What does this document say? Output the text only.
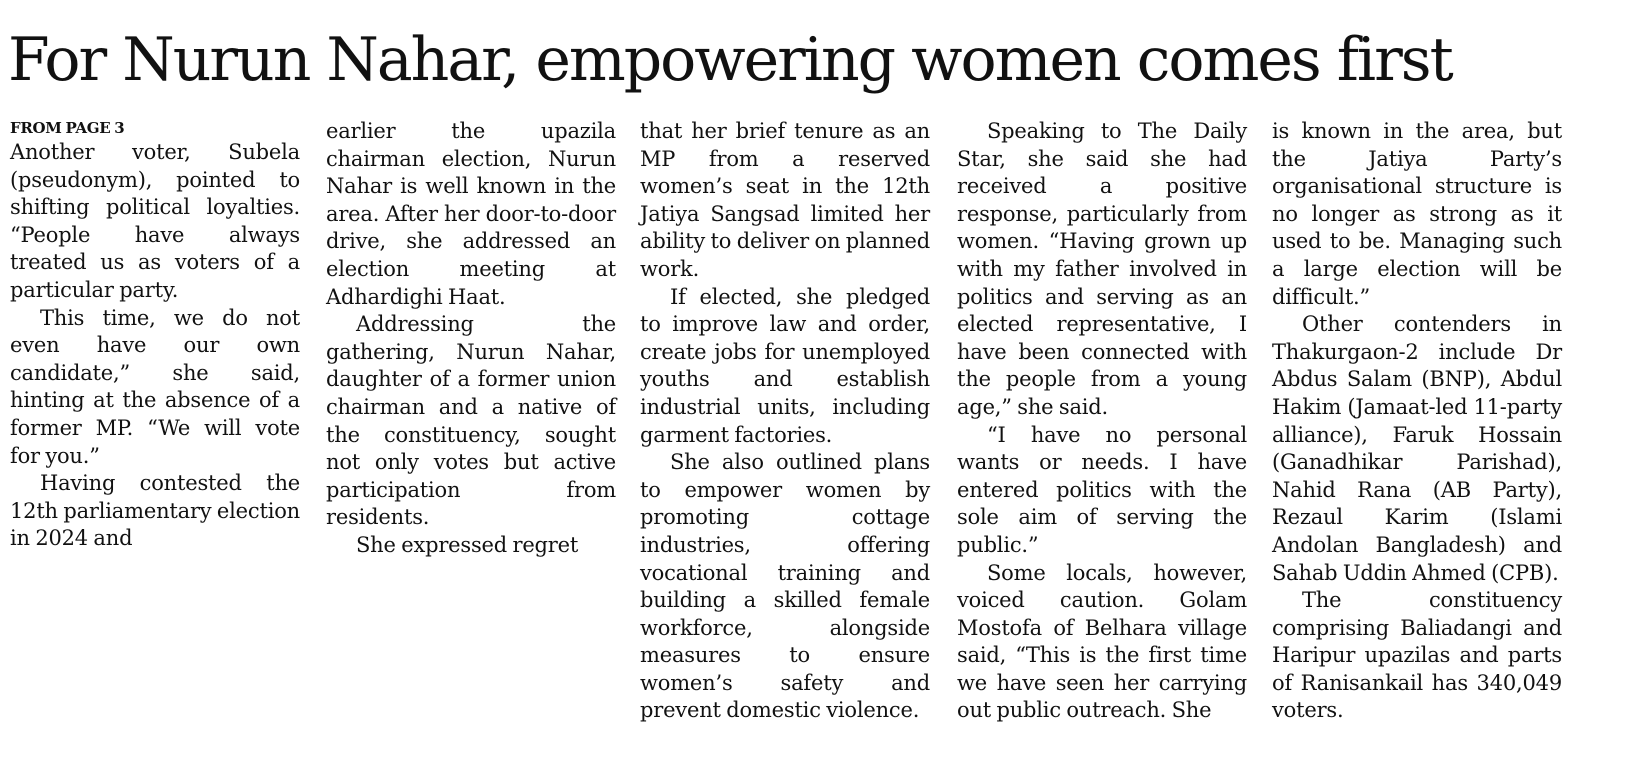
For Nurun Nahar, empowering women comes first
FROM PAGE 3

Another voter, Subela (pseudonym), pointed to shifting political loyalties. “People have always treated us as voters of a particular party.

This time, we do not even have our own candidate,” she said, hinting at the absence of a former MP. “We will vote for you.”

Having contested the 12th parliamentary election in 2024 and

earlier the upazila chairman election, Nurun Nahar is well known in the area. After her door-to-door drive, she addressed an election meeting at Adhardighi Haat.

Addressing the gathering, Nurun Nahar, daughter of a former union chairman and a native of the constituency, sought not only votes but active participation from residents.

She expressed regret

that her brief tenure as an MP from a reserved women’s seat in the 12th Jatiya Sangsad limited her ability to deliver on planned work.

If elected, she pledged to improve law and order, create jobs for unemployed youths and establish industrial units, including garment factories.

She also outlined plans to empower women by promoting cottage industries, offering vocational training and building a skilled female workforce, alongside measures to ensure women’s safety and prevent domestic violence.

Speaking to The Daily Star, she said she had received a positive response, particularly from women. “Having grown up with my father involved in politics and serving as an elected representative, I have been connected with the people from a young age,” she said.

“I have no personal wants or needs. I have entered politics with the sole aim of serving the public.”

Some locals, however, voiced caution. Golam Mostofa of Belhara village said, “This is the first time we have seen her carrying out public outreach. She

is known in the area, but the Jatiya Party’s organisational structure is no longer as strong as it used to be. Managing such a large election will be difficult.”

Other contenders in Thakurgaon-2 include Dr Abdus Salam (BNP), Abdul Hakim (Jamaat-led 11-party alliance), Faruk Hossain (Ganadhikar Parishad), Nahid Rana (AB Party), Rezaul Karim (Islami Andolan Bangladesh) and Sahab Uddin Ahmed (CPB).

The constituency comprising Baliadangi and Haripur upazilas and parts of Ranisankail has 340,049 voters.
